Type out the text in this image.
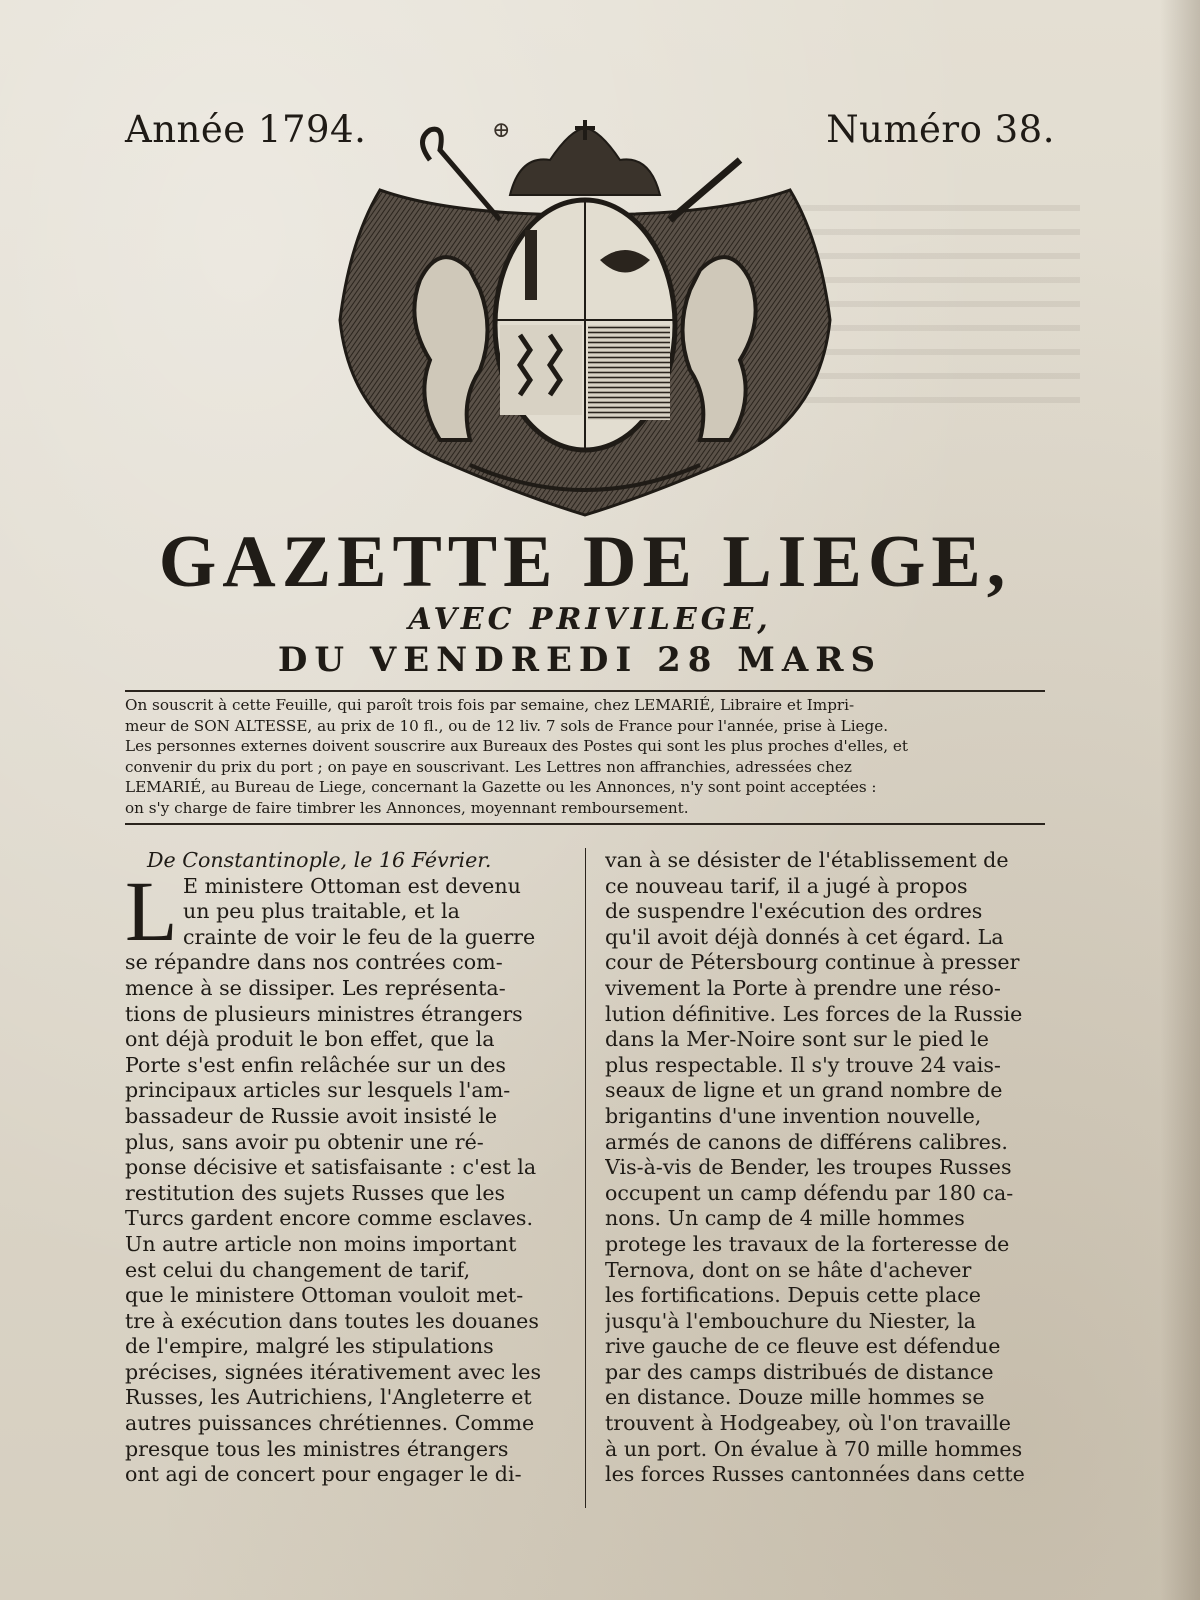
Année 1794.	⊕	Numéro 38.
GAZETTE DE LIEGE,
AVEC PRIVILEGE,
DU VENDREDI 28 MARS
On souscrit à cette Feuille, qui paroît trois fois par semaine, chez LEMARIÉ, Libraire et Impri-
meur de SON ALTESSE, au prix de 10 fl., ou de 12 liv. 7 sols de France pour l'année, prise à Liege.
Les personnes externes doivent souscrire aux Bureaux des Postes qui sont les plus proches d'elles, et
convenir du prix du port ; on paye en souscrivant. Les Lettres non affranchies, adressées chez
LEMARIÉ, au Bureau de Liege, concernant la Gazette ou les Annonces, n'y sont point acceptées :
on s'y charge de faire timbrer les Annonces, moyennant remboursement.
L
De Constantinople, le 16 Février.
E ministere Ottoman est devenu
un peu plus traitable, et la
crainte de voir le feu de la guerre
se répandre dans nos contrées com-
mence à se dissiper. Les représenta-
tions de plusieurs ministres étrangers
ont déjà produit le bon effet, que la
Porte s'est enfin relâchée sur un des
principaux articles sur lesquels l'am-
bassadeur de Russie avoit insisté le
plus, sans avoir pu obtenir une ré-
ponse décisive et satisfaisante : c'est la
restitution des sujets Russes que les
Turcs gardent encore comme esclaves.
Un autre article non moins important
est celui du changement de tarif,
que le ministere Ottoman vouloit met-
tre à exécution dans toutes les douanes
de l'empire, malgré les stipulations
précises, signées itérativement avec les
Russes, les Autrichiens, l'Angleterre et
autres puissances chrétiennes. Comme
presque tous les ministres étrangers
ont agi de concert pour engager le di-
van à se désister de l'établissement de
ce nouveau tarif, il a jugé à propos
de suspendre l'exécution des ordres
qu'il avoit déjà donnés à cet égard. La
cour de Pétersbourg continue à presser
vivement la Porte à prendre une réso-
lution définitive. Les forces de la Russie
dans la Mer-Noire sont sur le pied le
plus respectable. Il s'y trouve 24 vais-
seaux de ligne et un grand nombre de
brigantins d'une invention nouvelle,
armés de canons de différens calibres.
Vis-à-vis de Bender, les troupes Russes
occupent un camp défendu par 180 ca-
nons. Un camp de 4 mille hommes
protege les travaux de la forteresse de
Ternova, dont on se hâte d'achever
les fortifications. Depuis cette place
jusqu'à l'embouchure du Niester, la
rive gauche de ce fleuve est défendue
par des camps distribués de distance
en distance. Douze mille hommes se
trouvent à Hodgeabey, où l'on travaille
à un port. On évalue à 70 mille hommes
les forces Russes cantonnées dans cette
